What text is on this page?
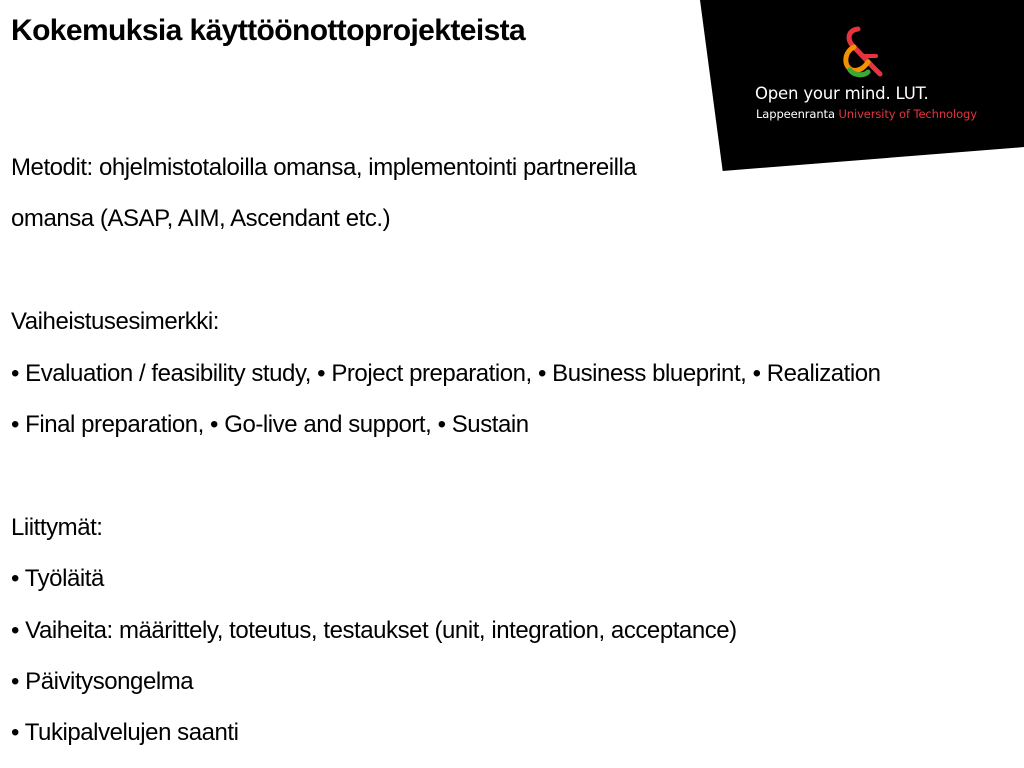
Kokemuksia käyttöönottoprojekteista
Open your mind. LUT.
Lappeenranta University of Technology
Metodit: ohjelmistotaloilla omansa, implementointi partnereilla
omansa (ASAP, AIM, Ascendant etc.)
Vaiheistusesimerkki:
• Evaluation / feasibility study, • Project preparation, • Business blueprint, • Realization
• Final preparation, • Go-live and support, • Sustain
Liittymät:
• Työläitä
• Vaiheita: määrittely, toteutus, testaukset (unit, integration, acceptance)
• Päivitysongelma
• Tukipalvelujen saanti
